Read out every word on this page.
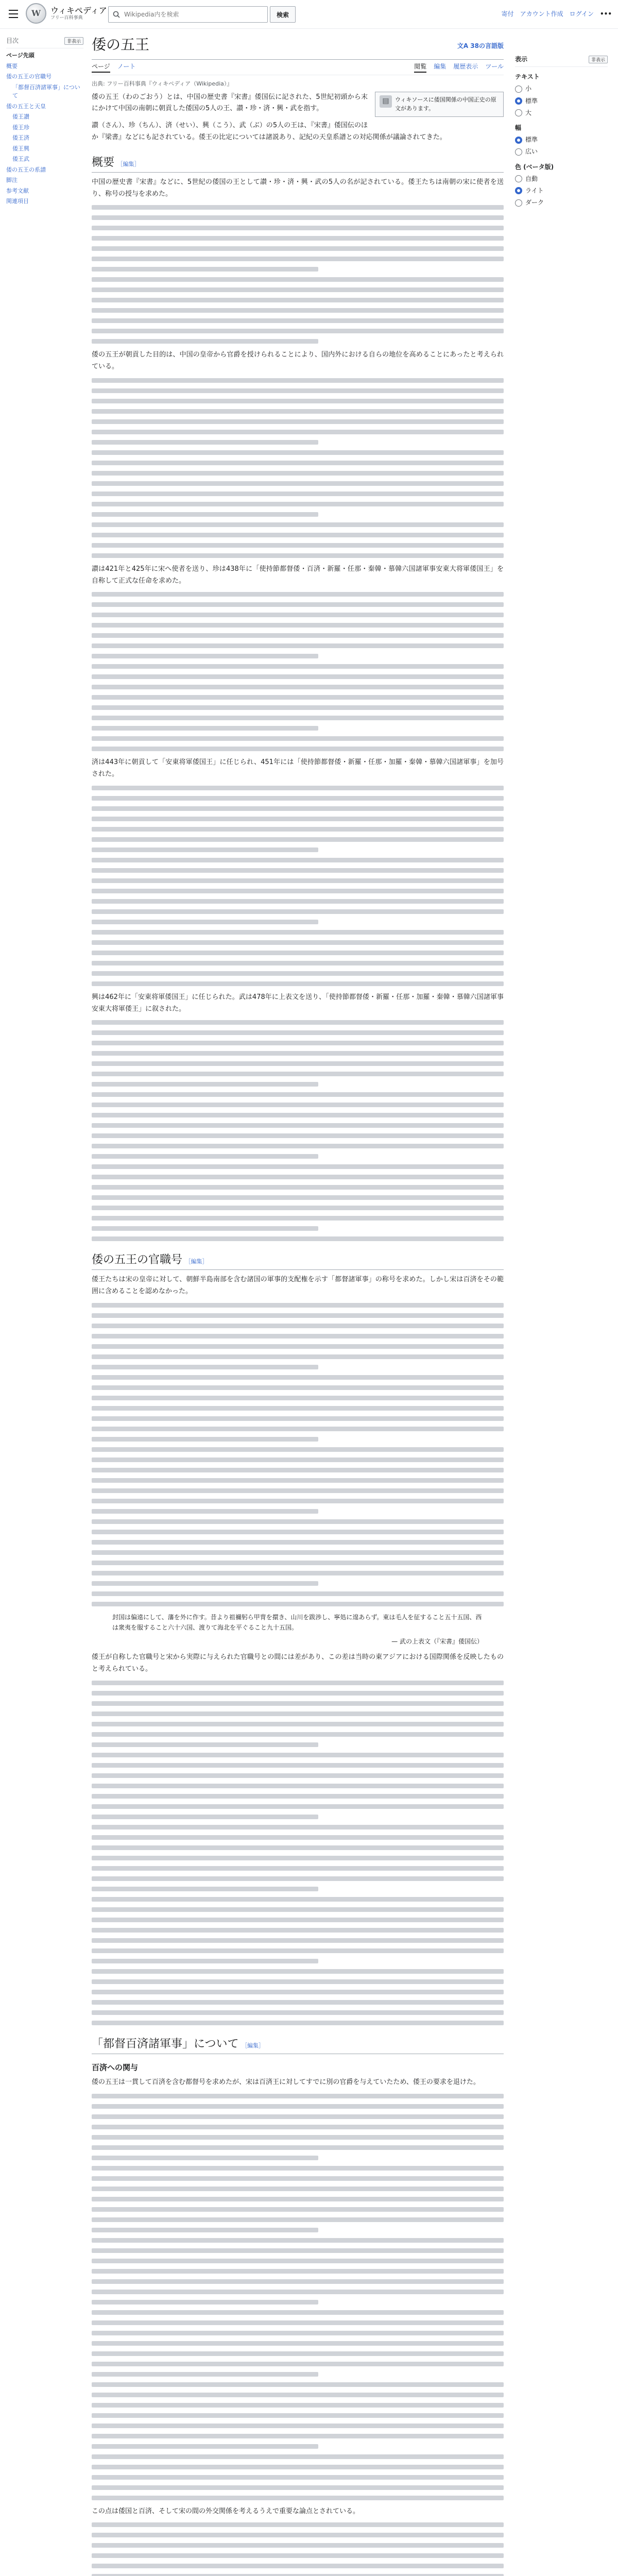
W	ウィキペディア
フリー百科事典
Wikipedia内を検索	検索	寄付 アカウント作成 ログイン •••
目次	非表示
ページ先頭
概要
倭の五王の官職号
「都督百済諸軍事」について
倭の五王と天皇
倭王讃
倭王珍
倭王済
倭王興
倭王武
倭の五王の系譜
脚注
参考文献
関連項目
倭の五王	文A 38の言語版
ページ ノート	閲覧 編集 履歴表示 ツール
出典: フリー百科事典『ウィキペディア（Wikipedia）』
▤	ウィキソースに倭国関係の中国正史の原文があります。

倭の五王（わのごおう）とは、中国の歴史書『宋書』倭国伝に記された、5世紀初頭から末にかけて中国の南朝に朝貢した倭国の5人の王、讃・珍・済・興・武を指す。

讃（さん）、珍（ちん）、済（せい）、興（こう）、武（ぶ）の5人の王は、『宋書』倭国伝のほか『梁書』などにも記されている。倭王の比定については諸説あり、記紀の天皇系譜との対応関係が議論されてきた。

概要 ［編集］

中国の歴史書『宋書』などに、5世紀の倭国の王として讃・珍・済・興・武の5人の名が記されている。倭王たちは南朝の宋に使者を送り、称号の授与を求めた。

倭の五王が朝貢した目的は、中国の皇帝から官爵を授けられることにより、国内外における自らの地位を高めることにあったと考えられている。

讃は421年と425年に宋へ使者を送り、珍は438年に「使持節都督倭・百済・新羅・任那・秦韓・慕韓六国諸軍事安東大将軍倭国王」を自称して正式な任命を求めた。

済は443年に朝貢して「安東将軍倭国王」に任じられ、451年には「使持節都督倭・新羅・任那・加羅・秦韓・慕韓六国諸軍事」を加号された。

興は462年に「安東将軍倭国王」に任じられた。武は478年に上表文を送り、「使持節都督倭・新羅・任那・加羅・秦韓・慕韓六国諸軍事安東大将軍倭王」に叙された。

倭の五王の官職号 ［編集］

倭王たちは宋の皇帝に対して、朝鮮半島南部を含む諸国の軍事的支配権を示す「都督諸軍事」の称号を求めた。しかし宋は百済をその範囲に含めることを認めなかった。

封国は偏遠にして、藩を外に作す。昔より祖禰躬ら甲冑を擐き、山川を跋渉し、寧処に遑あらず。東は毛人を征すること五十五国、西は衆夷を服すること六十六国、渡りて海北を平ぐること九十五国。
— 武の上表文（『宋書』倭国伝）

倭王が自称した官職号と宋から実際に与えられた官職号との間には差があり、この差は当時の東アジアにおける国際関係を反映したものと考えられている。

「都督百済諸軍事」について ［編集］
百済への関与

倭の五王は一貫して百済を含む都督号を求めたが、宋は百済王に対してすでに別の官爵を与えていたため、倭王の要求を退けた。

この点は倭国と百済、そして宋の間の外交関係を考えるうえで重要な論点とされている。

表示	非表示
テキスト
小
標準
大
幅
標準
広い
色 (ベータ版)
自動
ライト
ダーク
